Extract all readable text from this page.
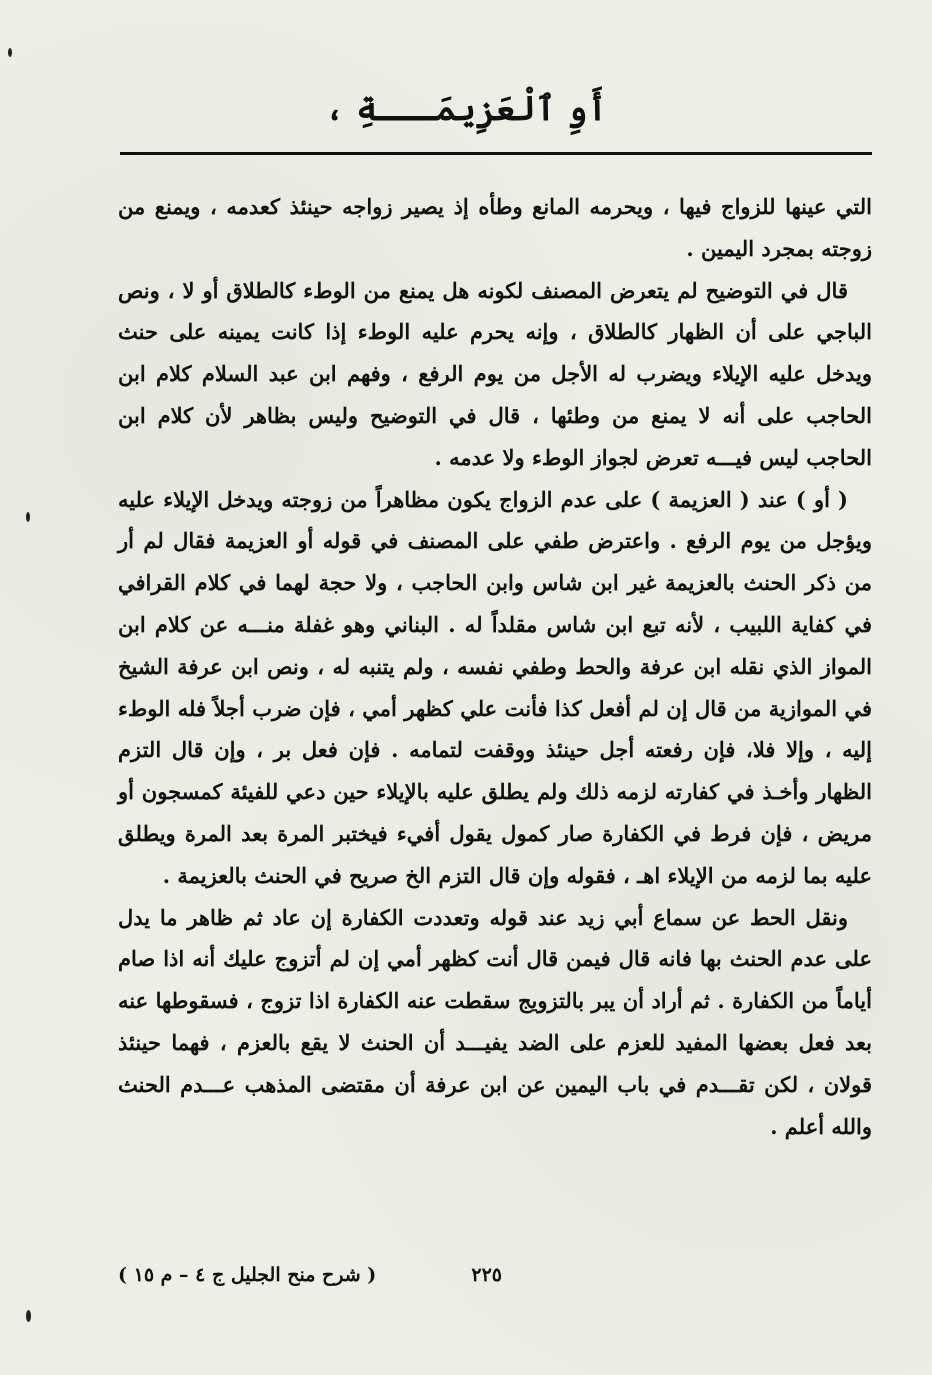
أَوِ ٱلْعَزِيمَـــةِ ،

التي عينها للزواج فيها ، ويحرمه المانع وطأه إذ يصير زواجه حينئذ كعدمه ، ويمنع من زوجته بمجرد اليمين .

قال في التوضيح لم يتعرض المصنف لكونه هل يمنع من الوطء كالطلاق أو لا ، ونص الباجي على أن الظهار كالطلاق ، وإنه يحرم عليه الوطء إذا كانت يمينه على حنث ويدخل عليه الإيلاء ويضرب له الأجل من يوم الرفع ، وفهم ابن عبد السلام كلام ابن الحاجب على أنه لا يمنع من وطئها ، قال في التوضيح وليس بظاهر لأن كلام ابن الحاجب ليس فيـــه تعرض لجواز الوطء ولا عدمه .

( أو ) عند ( العزيمة ) على عدم الزواج يكون مظاهراً من زوجته ويدخل الإيلاء عليه ويؤجل من يوم الرفع . واعترض طفي على المصنف في قوله أو العزيمة فقال لم أر من ذكر الحنث بالعزيمة غير ابن شاس وابن الحاجب ، ولا حجة لهما في كلام القرافي في كفاية اللبيب ، لأنه تبع ابن شاس مقلداً له . البناني وهو غفلة منـــه عن كلام ابن المواز الذي نقله ابن عرفة والحط وطفي نفسه ، ولم يتنبه له ، ونص ابن عرفة الشيخ في الموازية من قال إن لم أفعل كذا فأنت علي كظهر أمي ، فإن ضرب أجلاً فله الوطء إليه ، وإلا فلا، فإن رفعته أجل حينئذ ووقفت لتمامه . فإن فعل بر ، وإن قال التزم الظهار وأخـذ في كفارته لزمه ذلك ولم يطلق عليه بالإيلاء حين دعي للفيئة كمسجون أو مريض ، فإن فرط في الكفارة صار كمول يقول أفيء فيختبر المرة بعد المرة ويطلق عليه بما لزمه من الإيلاء اهـ ، فقوله وإن قال التزم الخ صريح في الحنث بالعزيمة .

ونقل الحط عن سماع أبي زيد عند قوله وتعددت الكفارة إن عاد ثم ظاهر ما يدل على عدم الحنث بها فانه قال فيمن قال أنت كظهر أمي إن لم أتزوج عليك أنه اذا صام أياماً من الكفارة . ثم أراد أن يبر بالتزويج سقطت عنه الكفارة اذا تزوج ، فسقوطها عنه بعد فعل بعضها المفيد للعزم على الضد يفيـــد أن الحنث لا يقع بالعزم ، فهما حينئذ قولان ، لكن تقـــدم في باب اليمين عن ابن عرفة أن مقتضى المذهب عـــدم الحنث والله أعلم .

٢٢٥
( شرح منح الجليل ج ٤ – م ١٥ )
